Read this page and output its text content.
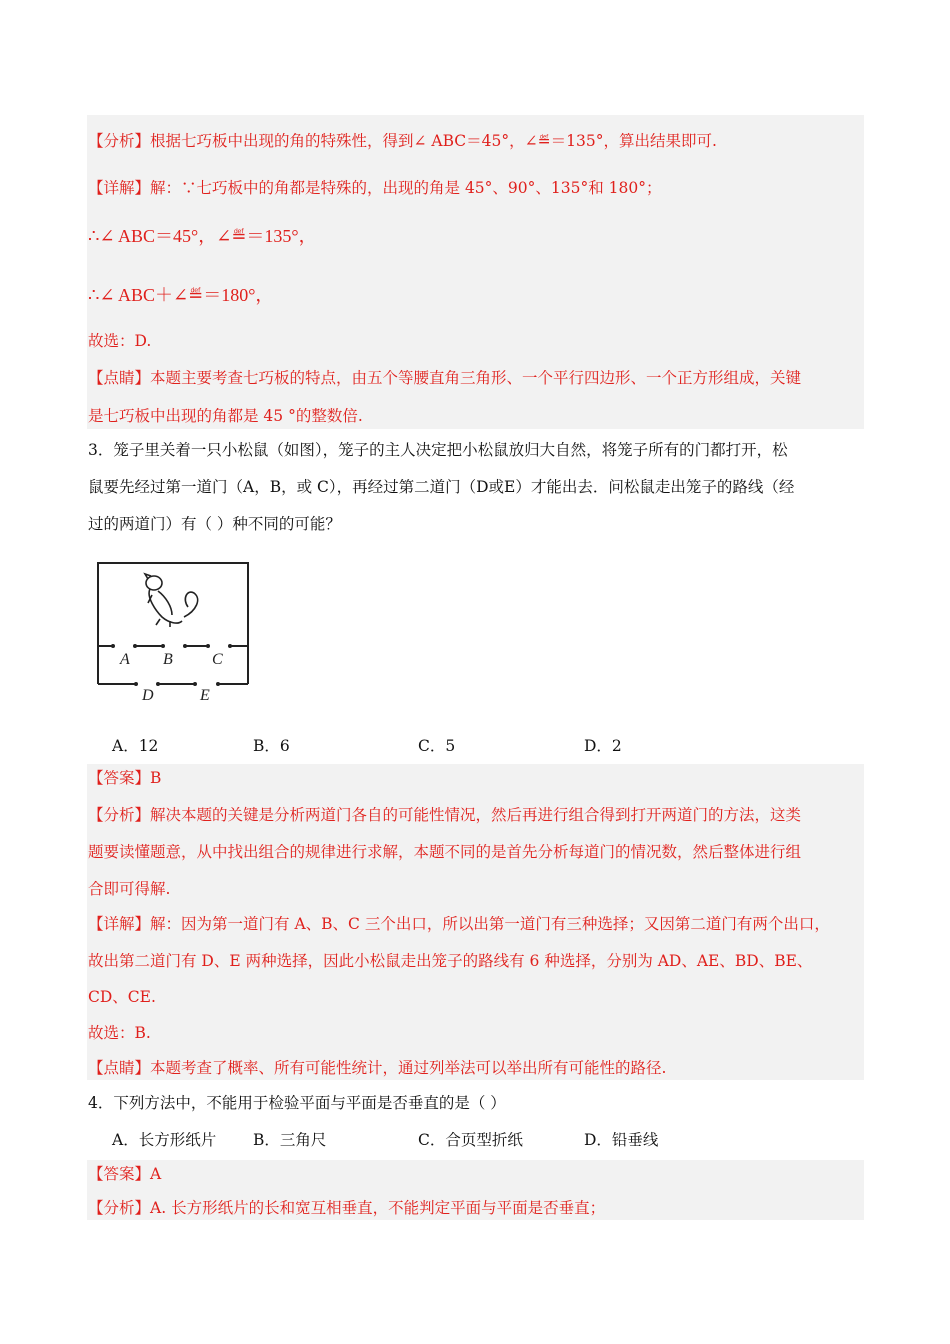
【分析】根据七巧板中出现的角的特殊性，得到∠ ABC＝45°，∠≝＝135°，算出结果即可.
【详解】解：∵七巧板中的角都是特殊的，出现的角是 45°、90°、135°和 180°；
∴∠ ABC＝45°，∠≝＝135°，
∴∠ ABC＋∠≝＝180°，
故选：D.
【点睛】本题主要考查七巧板的特点，由五个等腰直角三角形、一个平行四边形、一个正方形组成，关键
是七巧板中出现的角都是 45 °的整数倍.
3．笼子里关着一只小松鼠（如图），笼子的主人决定把小松鼠放归大自然，将笼子所有的门都打开，松
鼠要先经过第一道门（A，B，或 C），再经过第二道门（D或E）才能出去．问松鼠走出笼子的路线（经
过的两道门）有（ ）种不同的可能？
A B C
D	E
A．12	B．6	C．5	D．2
【答案】B
【分析】解决本题的关键是分析两道门各自的可能性情况，然后再进行组合得到打开两道门的方法，这类
题要读懂题意，从中找出组合的规律进行求解，本题不同的是首先分析每道门的情况数，然后整体进行组
合即可得解.
【详解】解：因为第一道门有 A、B、C 三个出口，所以出第一道门有三种选择；又因第二道门有两个出口，
故出第二道门有 D、E 两种选择，因此小松鼠走出笼子的路线有 6 种选择，分别为 AD、AE、BD、BE、
CD、CE.
故选：B.
【点睛】本题考查了概率、所有可能性统计，通过列举法可以举出所有可能性的路径.
4．下列方法中，不能用于检验平面与平面是否垂直的是（ ）
A．长方形纸片 B．三角尺	C．合页型折纸	D．铅垂线
【答案】A
【分析】A. 长方形纸片的长和宽互相垂直，不能判定平面与平面是否垂直；
